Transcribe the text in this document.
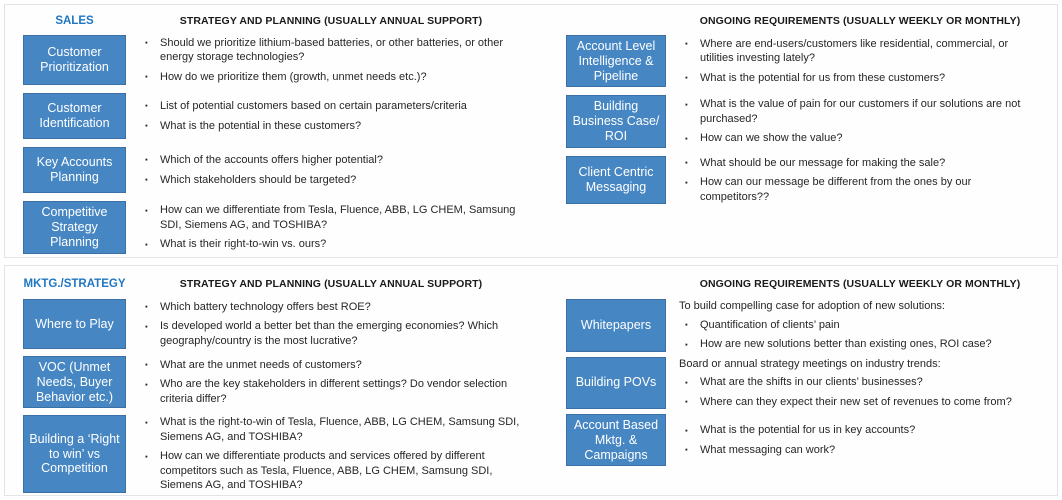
SALES	STRATEGY AND PLANNING (USUALLY ANNUAL SUPPORT)
Customer Prioritization
▪	Should we prioritize lithium-based batteries, or other batteries, or other energy storage technologies?
▪	How do we prioritize them (growth, unmet needs etc.)?
Customer Identification
▪	List of potential customers based on certain parameters/criteria
▪	What is the potential in these customers?
Key Accounts Planning
▪	Which of the accounts offers higher potential?
▪	Which stakeholders should be targeted?
Competitive Strategy Planning
▪	How can we differentiate from Tesla, Fluence, ABB, LG CHEM, Samsung SDI, Siemens AG, and TOSHIBA?
▪	What is their right-to-win vs. ours?
ONGOING REQUIREMENTS (USUALLY WEEKLY OR MONTHLY)
Account Level Intelligence & Pipeline
▪	Where are end-users/customers like residential, commercial, or utilities investing lately?
▪	What is the potential for us from these customers?
Building Business Case/ ROI
▪	What is the value of pain for our customers if our solutions are not purchased?
▪	How can we show the value?
Client Centric Messaging
▪	What should be our message for making the sale?
▪	How can our message be different from the ones by our competitors??
MKTG./STRATEGY	STRATEGY AND PLANNING (USUALLY ANNUAL SUPPORT)
Where to Play
▪	Which battery technology offers best ROE?
▪	Is developed world a better bet than the emerging economies? Which geography/country is the most lucrative?
VOC (Unmet Needs, Buyer Behavior etc.)
▪	What are the unmet needs of customers?
▪	Who are the key stakeholders in different settings? Do vendor selection criteria differ?
Building a ‘Right to win’ vs Competition
▪	What is the right-to-win of Tesla, Fluence, ABB, LG CHEM, Samsung SDI, Siemens AG, and TOSHIBA?
▪	How can we differentiate products and services offered by different competitors such as Tesla, Fluence, ABB, LG CHEM, Samsung SDI, Siemens AG, and TOSHIBA?
ONGOING REQUIREMENTS (USUALLY WEEKLY OR MONTHLY)
Whitepapers
To build compelling case for adoption of new solutions:
▪	Quantification of clients’ pain
▪	How are new solutions better than existing ones, ROI case?
Building POVs
Board or annual strategy meetings on industry trends:
▪	What are the shifts in our clients’ businesses?
▪	Where can they expect their new set of revenues to come from?
Account Based Mktg. & Campaigns
▪	What is the potential for us in key accounts?
▪	What messaging can work?
